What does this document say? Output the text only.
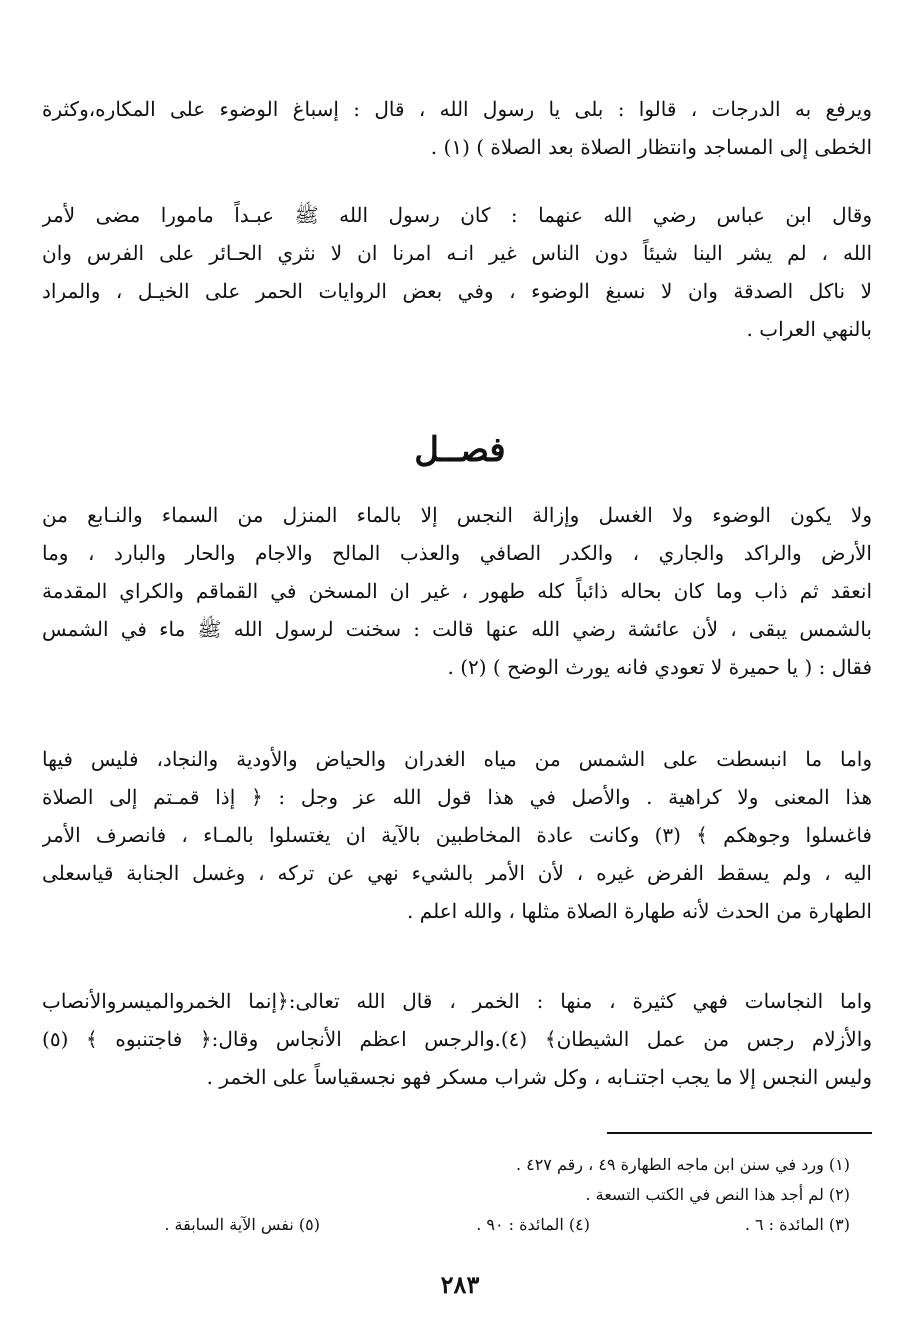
ويرفع به الدرجات ، قالوا : بلى يا رسول الله ، قال : إسباغ الوضوء على المكاره،وكثرة
الخطى إلى المساجد وانتظار الصلاة بعد الصلاة ) (١) .
وقال ابن عباس رضي الله عنهما : كان رسول الله ﷺ عبـداً مامورا مضى لأمر
الله ، لم يشر الينا شيئاً دون الناس غير انـه امرنا ان لا نثري الحـائر على الفرس وان
لا ناكل الصدقة وان لا نسبغ الوضوء ، وفي بعض الروايات الحمر على الخيـل ، والمراد
بالنهي العراب .
فصــل
ولا يكون الوضوء ولا الغسل وإزالة النجس إلا بالماء المنزل من السماء والنـابع من
الأرض والراكد والجاري ، والكدر الصافي والعذب المالح والاجام والحار والبارد ، وما
انعقد ثم ذاب وما كان بحاله ذائباً كله طهور ، غير ان المسخن في القماقم والكراي المقدمة
بالشمس يبقى ، لأن عائشة رضي الله عنها قالت : سخنت لرسول الله ﷺ ماء في الشمس
فقال : ( يا حميرة لا تعودي فانه يورث الوضح ) (٢) .
واما ما انبسطت على الشمس من مياه الغدران والحياض والأودية والنجاد، فليس فيها
هذا المعنى ولا كراهية . والأصل في هذا قول الله عز وجل : ﴿ إذا قمـتم إلى الصلاة
فاغسلوا وجوهكم ﴾ (٣) وكانت عادة المخاطبين بالآية ان يغتسلوا بالمـاء ، فانصرف الأمر
اليه ، ولم يسقط الفرض غيره ، لأن الأمر بالشيء نهي عن تركه ، وغسل الجنابة قياسعلى
الطهارة من الحدث لأنه طهارة الصلاة مثلها ، والله اعلم .
واما النجاسات فهي كثيرة ، منها : الخمر ، قال الله تعالى:﴿إنما الخمروالميسروالأنصاب
والأزلام رجس من عمل الشيطان﴾ (٤).والرجس اعظم الأنجاس وقال:﴿ فاجتنبوه ﴾ (٥)
وليس النجس إلا ما يجب اجتنـابه ، وكل شراب مسكر فهو نجسقياساً على الخمر .
(١) ورد في سنن ابن ماجه الطهارة ٤٩ ، رقم ٤٢٧ .
(٢) لم أجد هذا النص في الكتب التسعة .
(٣) المائدة : ٦ .
(٤) المائدة : ٩٠ .
(٥) نفس الآية السابقة .
٢٨٣
